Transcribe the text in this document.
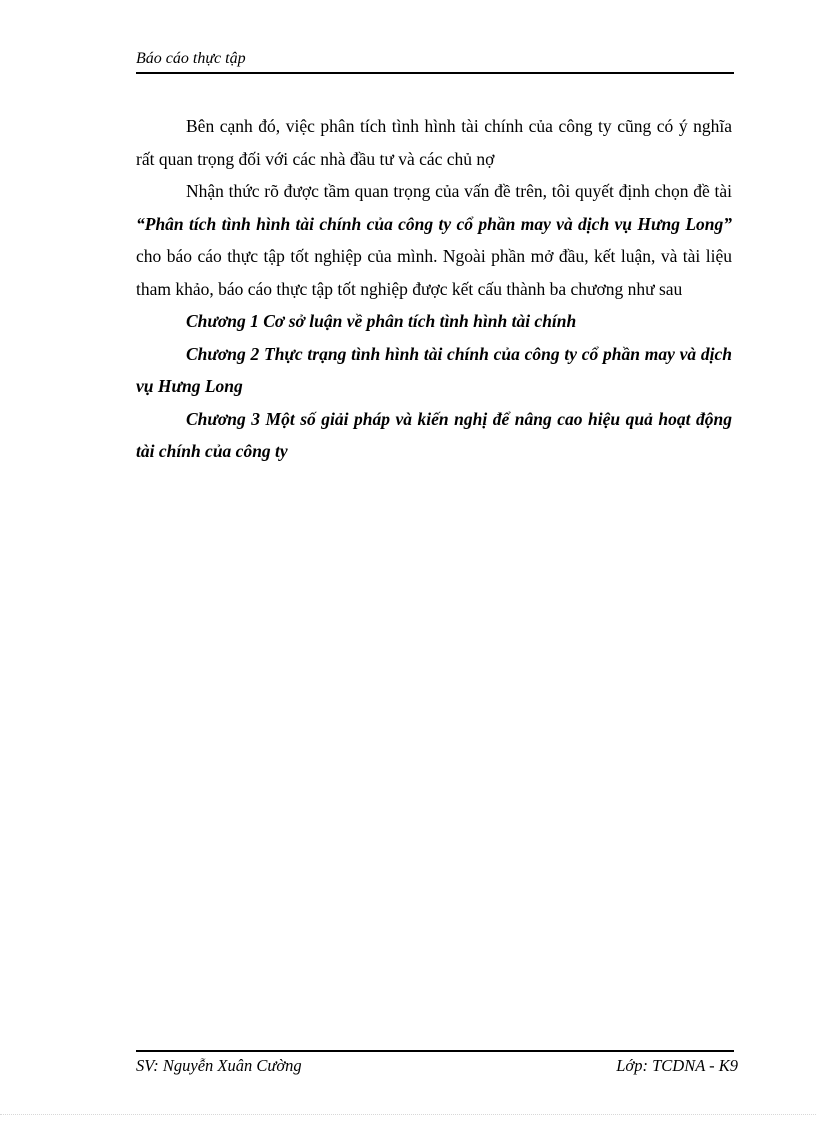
Báo cáo thực tập

Bên cạnh đó, việc phân tích tình hình tài chính của công ty cũng có ý nghĩa rất quan trọng đối với các nhà đầu tư và các chủ nợ

Nhận thức rõ được tầm quan trọng của vấn đề trên, tôi quyết định chọn đề tài “Phân tích tình hình tài chính của công ty cổ phần may và dịch vụ Hưng Long” cho báo cáo thực tập tốt nghiệp của mình. Ngoài phần mở đầu, kết luận, và tài liệu tham khảo, báo cáo thực tập tốt nghiệp được kết cấu thành ba chương như sau

Chương 1 Cơ sở luận về phân tích tình hình tài chính

Chương 2 Thực trạng tình hình tài chính của công ty cổ phần may và dịch vụ Hưng Long

Chương 3 Một số giải pháp và kiến nghị để nâng cao hiệu quả hoạt động tài chính của công ty

SV: Nguyễn Xuân Cường	Lớp: TCDNA - K9
